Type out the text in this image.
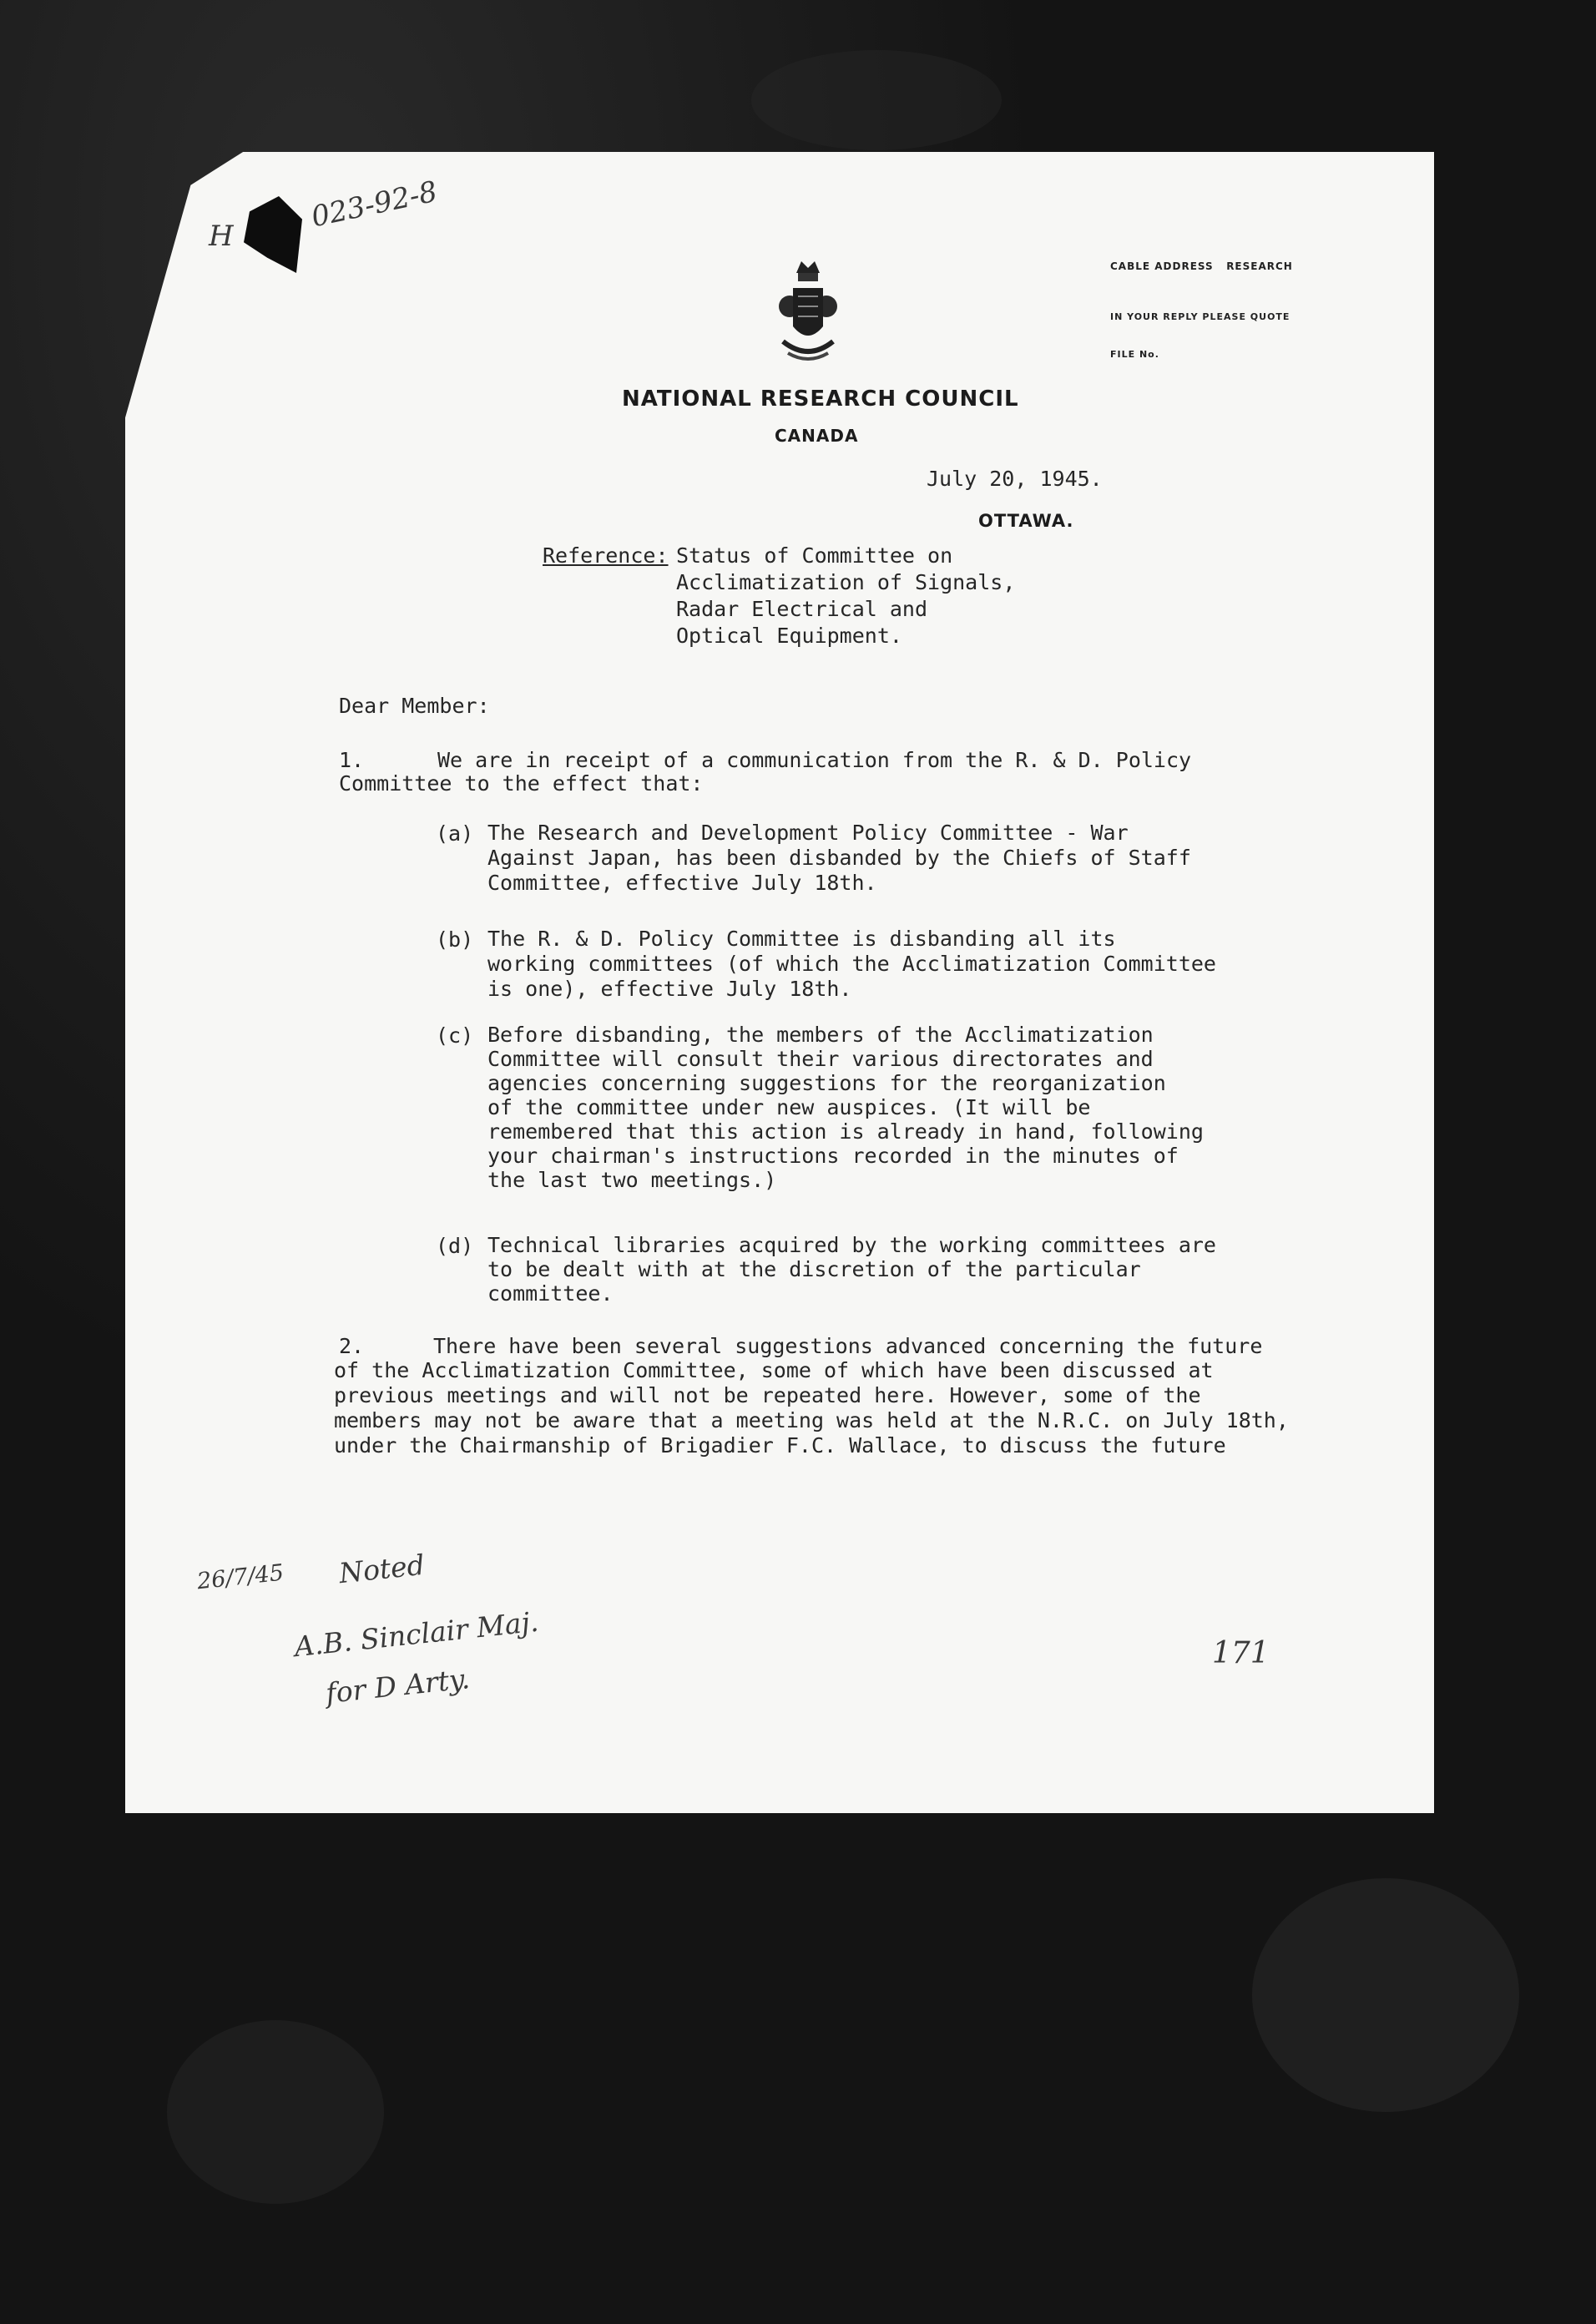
H
023-92-8
CABLE ADDRESS   RESEARCH
IN YOUR REPLY PLEASE QUOTE
FILE No.
NATIONAL RESEARCH COUNCIL
CANADA
July 20, 1945.
OTTAWA.
Reference: Status of Committee on
Acclimatization of Signals,
Radar Electrical and
Optical Equipment.
Dear Member:
1.	We are in receipt of a communication from the R. & D. Policy
Committee to the effect that:
(a) The Research and Development Policy Committee - War
Against Japan, has been disbanded by the Chiefs of Staff
Committee, effective July 18th.
(b) The R. & D. Policy Committee is disbanding all its
working committees (of which the Acclimatization Committee
is one), effective July 18th.
(c) Before disbanding, the members of the Acclimatization
Committee will consult their various directorates and
agencies concerning suggestions for the reorganization
of the committee under new auspices. (It will be
remembered that this action is already in hand, following
your chairman's instructions recorded in the minutes of
the last two meetings.)
(d) Technical libraries acquired by the working committees are
to be dealt with at the discretion of the particular
committee.
2.	There have been several suggestions advanced concerning the future
of the Acclimatization Committee, some of which have been discussed at
previous meetings and will not be repeated here. However, some of the
members may not be aware that a meeting was held at the N.R.C. on July 18th,
under the Chairmanship of Brigadier F.C. Wallace, to discuss the future
26/7/45 Noted
A.B. Sinclair Maj.
for D Arty.
171
